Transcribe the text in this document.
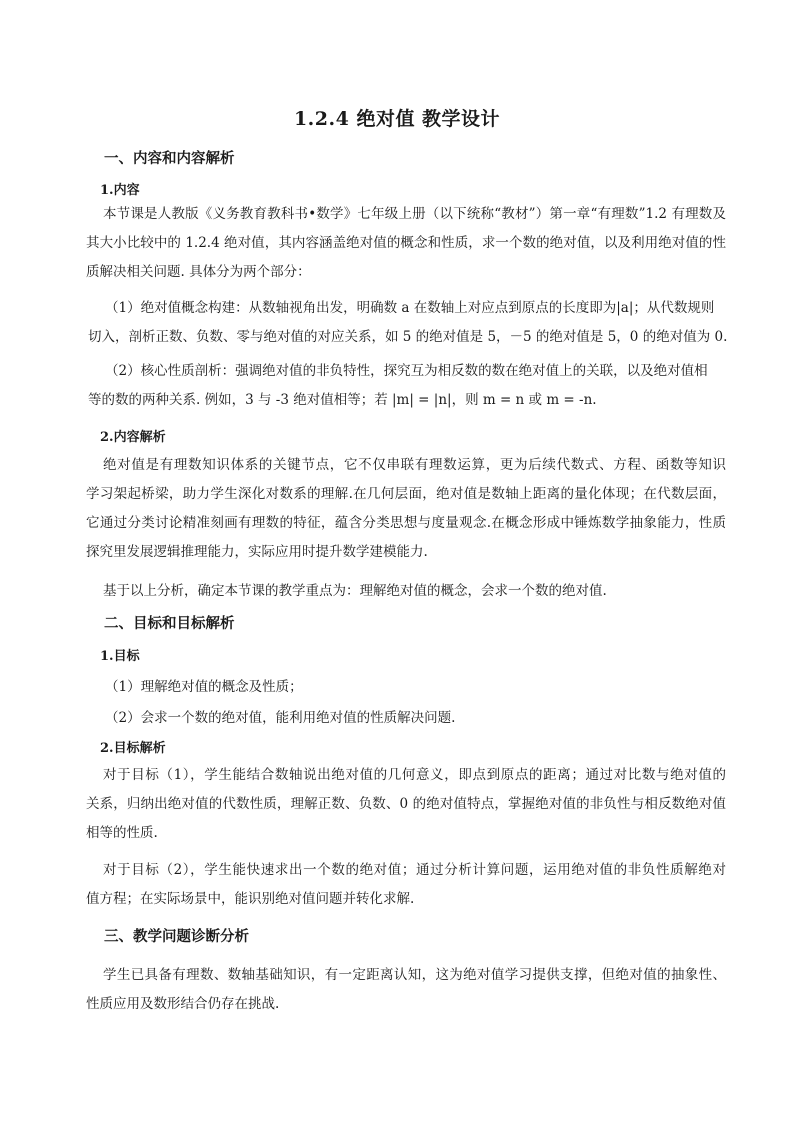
1.2.4 绝对值 教学设计
一、内容和内容解析
1.内容
本节课是人教版《义务教育教科书•数学》七年级上册（以下统称“教材”）第一章“有理数”1.2 有理数及
其大小比较中的 1.2.4 绝对值，其内容涵盖绝对值的概念和性质，求一个数的绝对值，以及利用绝对值的性
质解决相关问题. 具体分为两个部分：
（1）绝对值概念构建：从数轴视角出发，明确数 a 在数轴上对应点到原点的长度即为|a|；从代数规则
切入，剖析正数、负数、零与绝对值的对应关系，如 5 的绝对值是 5，－5 的绝对值是 5，0 的绝对值为 0.
（2）核心性质剖析：强调绝对值的非负特性，探究互为相反数的数在绝对值上的关联，以及绝对值相
等的数的两种关系. 例如，3 与 -3 绝对值相等；若 |m| = |n|，则 m = n 或 m = -n.
2.内容解析
绝对值是有理数知识体系的关键节点，它不仅串联有理数运算，更为后续代数式、方程、函数等知识
学习架起桥梁，助力学生深化对数系的理解.在几何层面，绝对值是数轴上距离的量化体现；在代数层面，
它通过分类讨论精准刻画有理数的特征，蕴含分类思想与度量观念.在概念形成中锤炼数学抽象能力，性质
探究里发展逻辑推理能力，实际应用时提升数学建模能力.
基于以上分析，确定本节课的教学重点为：理解绝对值的概念，会求一个数的绝对值.
二、目标和目标解析
1.目标

（1）理解绝对值的概念及性质；

（2）会求一个数的绝对值，能利用绝对值的性质解决问题.

2.目标解析
对于目标（1），学生能结合数轴说出绝对值的几何意义，即点到原点的距离；通过对比数与绝对值的
关系，归纳出绝对值的代数性质，理解正数、负数、0 的绝对值特点，掌握绝对值的非负性与相反数绝对值
相等的性质.
对于目标（2），学生能快速求出一个数的绝对值；通过分析计算问题，运用绝对值的非负性质解绝对
值方程；在实际场景中，能识别绝对值问题并转化求解.
三、教学问题诊断分析
学生已具备有理数、数轴基础知识，有一定距离认知，这为绝对值学习提供支撑，但绝对值的抽象性、
性质应用及数形结合仍存在挑战.
